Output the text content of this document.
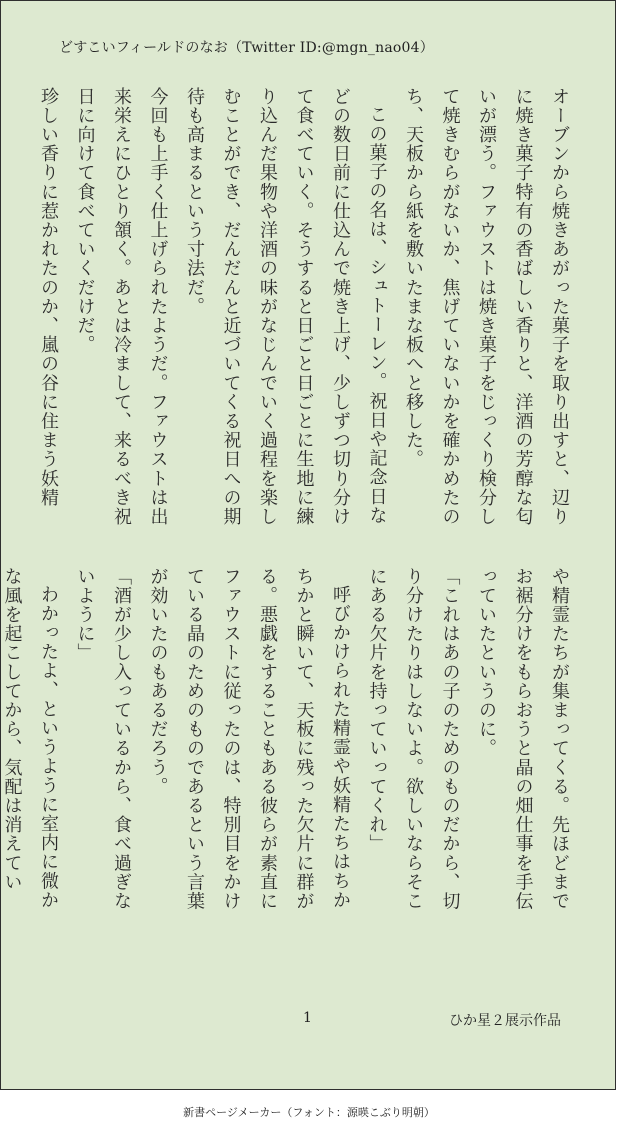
どすこいフィールドのなお（Twitter ID:@mgn_nao04）

オーブンから焼きあがった菓子を取り出すと、辺りに焼き菓子特有の香ばしい香りと、洋酒の芳醇な匂いが漂う。ファウストは焼き菓子をじっくり検分して焼きむらがないか、焦げていないかを確かめたのち、天板から紙を敷いたまな板へと移した。

この菓子の名は、シュトーレン。祝日や記念日などの数日前に仕込んで焼き上げ、少しずつ切り分けて食べていく。そうすると日ごと日ごとに生地に練り込んだ果物や洋酒の味がなじんでいく過程を楽しむことができ、だんだんと近づいてくる祝日への期待も高まるという寸法だ。

今回も上手く仕上げられたようだ。ファウストは出来栄えにひとり頷く。あとは冷まして、来るべき祝日に向けて食べていくだけだ。

珍しい香りに惹かれたのか、嵐の谷に住まう妖精

や精霊たちが集まってくる。先ほどまでお裾分けをもらおうと晶の畑仕事を手伝っていたというのに。

「これはあの子のためのものだから、切り分けたりはしないよ。欲しいならそこにある欠片を持っていってくれ」

呼びかけられた精霊や妖精たちはちかちかと瞬いて、天板に残った欠片に群がる。悪戯をすることもある彼らが素直にファウストに従ったのは、特別目をかけている晶のためのものであるという言葉が効いたのもあるだろう。

「酒が少し入っているから、食べ過ぎないように」

わかったよ、というように室内に微かな風を起こしてから、気配は消えてい

1	ひか星２展示作品
新書ページメーカー（フォント：源暎こぶり明朝）
